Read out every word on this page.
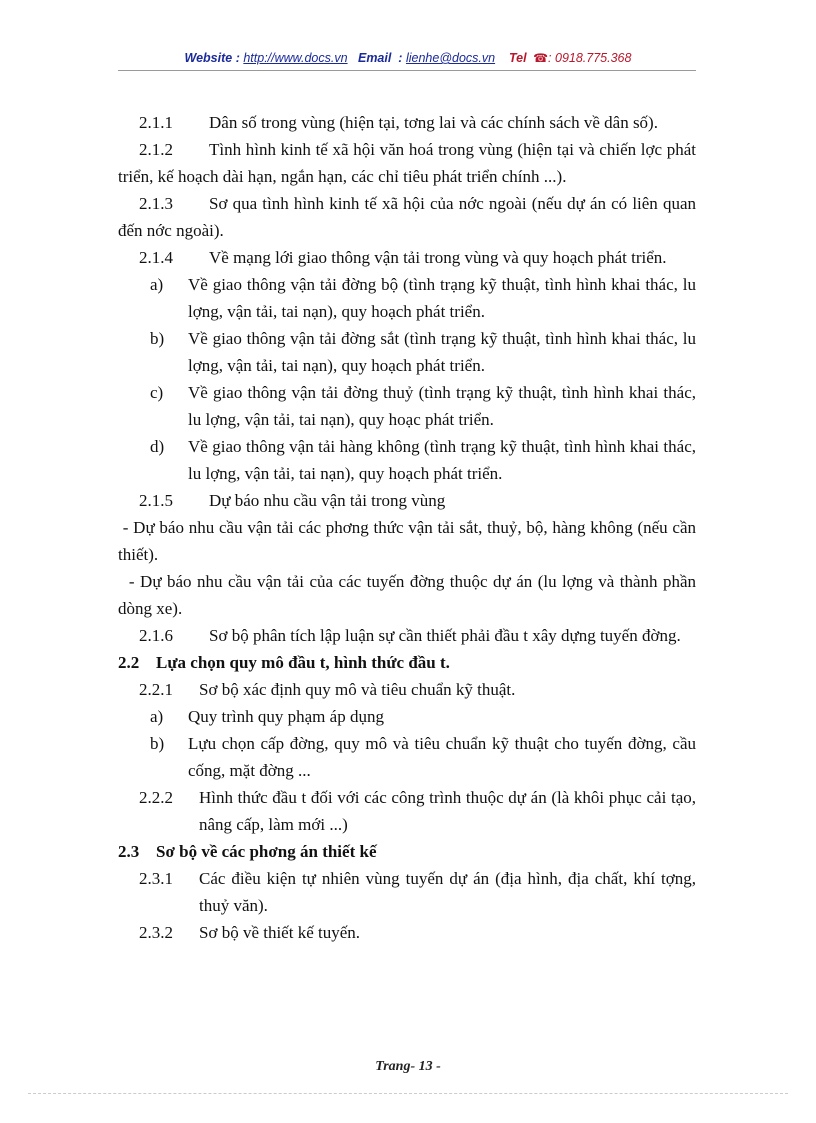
Website : http://www.docs.vn Email : lienhe@docs.vn Tel ☎: 0918.775.368

2.1.1 Dân số trong vùng (hiện tại, tơng lai và các chính sách về dân số).

2.1.2 Tình hình kinh tế xã hội văn hoá trong vùng (hiện tại và chiến lợc phát triển, kế hoạch dài hạn, ngắn hạn, các chỉ tiêu phát triển chính ...).

2.1.3 Sơ qua tình hình kinh tế xã hội của nớc ngoài (nếu dự án có liên quan đến nớc ngoài).

2.1.4 Về mạng lới giao thông vận tải trong vùng và quy hoạch phát triển.

a) Về giao thông vận tải đờng bộ (tình trạng kỹ thuật, tình hình khai thác, lu lợng, vận tải, tai nạn), quy hoạch phát triển.

b) Về giao thông vận tải đờng sắt (tình trạng kỹ thuật, tình hình khai thác, lu lợng, vận tải, tai nạn), quy hoạch phát triển.

c) Về giao thông vận tải đờng thuỷ (tình trạng kỹ thuật, tình hình khai thác, lu lợng, vận tải, tai nạn), quy hoạc phát triển.

d) Về giao thông vận tải hàng không (tình trạng kỹ thuật, tình hình khai thác, lu lợng, vận tải, tai nạn), quy hoạch phát triển.

2.1.5 Dự báo nhu cầu vận tải trong vùng

- Dự báo nhu cầu vận tải các phơng thức vận tải sắt, thuỷ, bộ, hàng không (nếu cần thiết).

- Dự báo nhu cầu vận tải của các tuyến đờng thuộc dự án (lu lợng và thành phần dòng xe).

2.1.6 Sơ bộ phân tích lập luận sự cần thiết phải đầu t xây dựng tuyến đờng.

2.2 Lựa chọn quy mô đầu t, hình thức đầu t.

2.2.1 Sơ bộ xác định quy mô và tiêu chuẩn kỹ thuật.

a) Quy trình quy phạm áp dụng

b) Lựu chọn cấp đờng, quy mô và tiêu chuẩn kỹ thuật cho tuyến đờng, cầu cống, mặt đờng ...

2.2.2 Hình thức đầu t đối với các công trình thuộc dự án (là khôi phục cải tạo, nâng cấp, làm mới ...)

2.3 Sơ bộ về các phơng án thiết kế

2.3.1 Các điều kiện tự nhiên vùng tuyến dự án (địa hình, địa chất, khí tợng, thuỷ văn).

2.3.2 Sơ bộ về thiết kế tuyến.

Trang- 13 -
